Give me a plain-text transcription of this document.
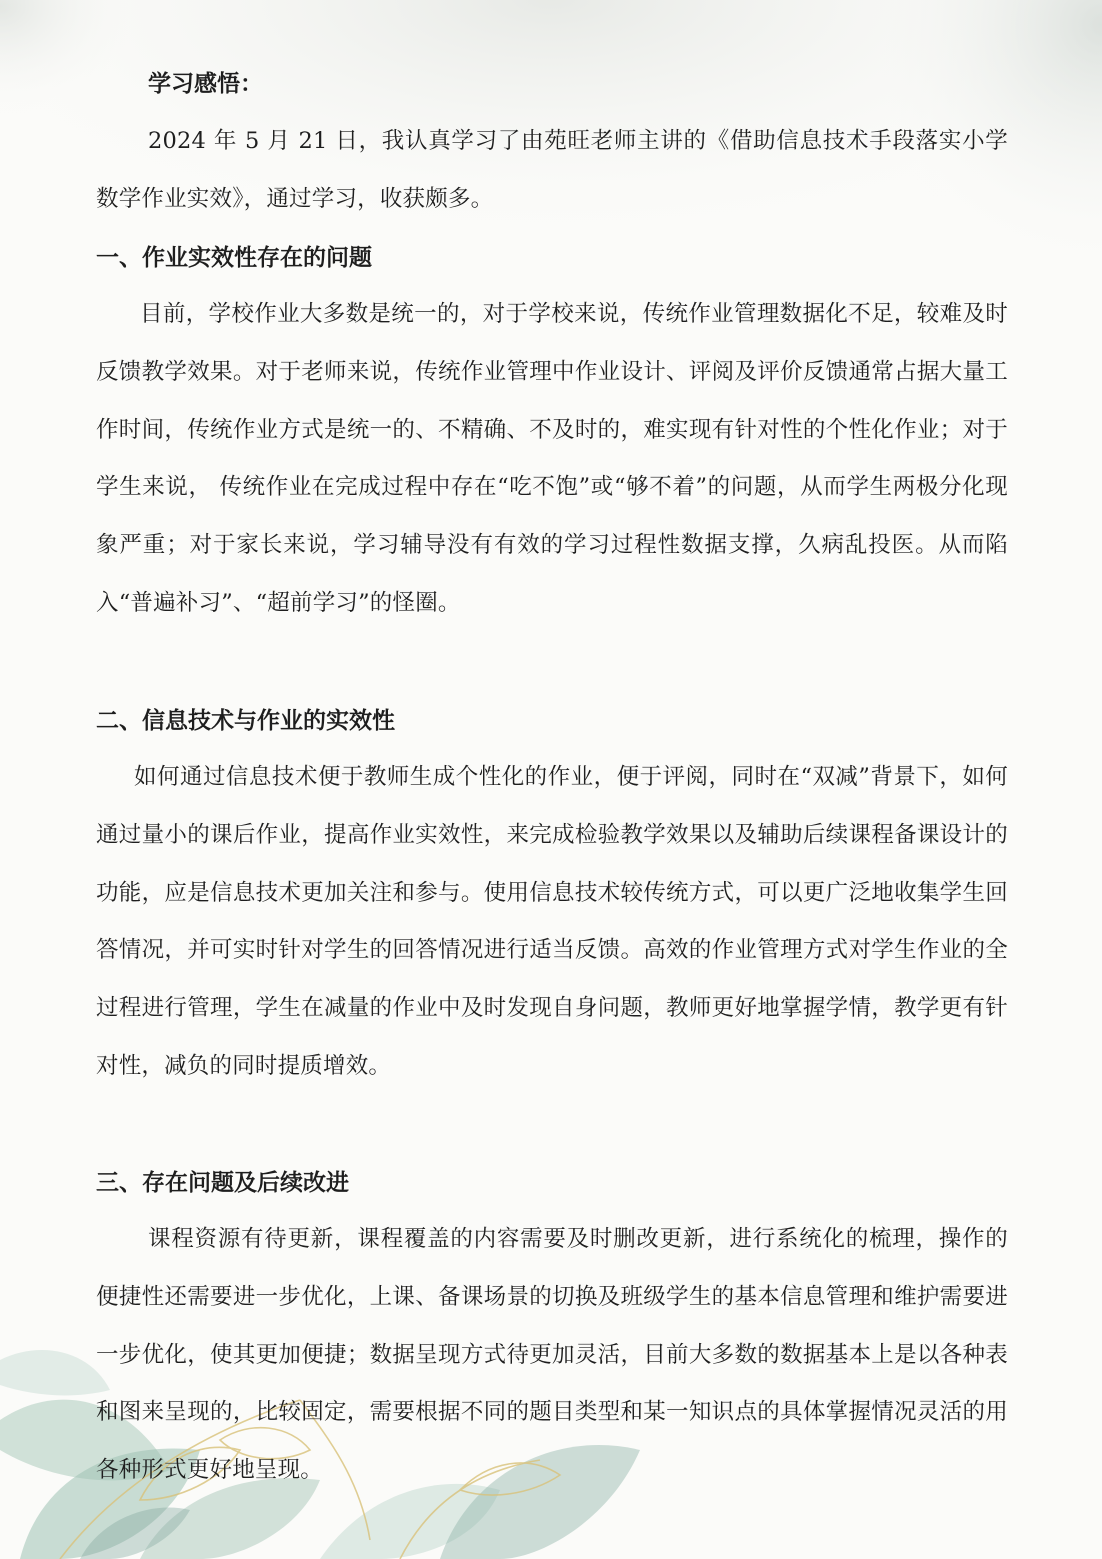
学习感悟：

2024 年 5 月 21 日，我认真学习了由苑旺老师主讲的《借助信息技术手段落实小学数学作业实效》，通过学习，收获颇多。

一、作业实效性存在的问题

目前，学校作业大多数是统一的，对于学校来说，传统作业管理数据化不足，较难及时反馈教学效果。对于老师来说，传统作业管理中作业设计、评阅及评价反馈通常占据大量工作时间，传统作业方式是统一的、不精确、不及时的，难实现有针对性的个性化作业；对于学生来说， 传统作业在完成过程中存在“吃不饱”或“够不着”的问题，从而学生两极分化现象严重；对于家长来说，学习辅导没有有效的学习过程性数据支撑，久病乱投医。从而陷入“普遍补习”、“超前学习”的怪圈。

二、信息技术与作业的实效性

如何通过信息技术便于教师生成个性化的作业，便于评阅，同时在“双减”背景下，如何通过量小的课后作业，提高作业实效性，来完成检验教学效果以及辅助后续课程备课设计的功能，应是信息技术更加关注和参与。使用信息技术较传统方式，可以更广泛地收集学生回答情况，并可实时针对学生的回答情况进行适当反馈。高效的作业管理方式对学生作业的全过程进行管理，学生在减量的作业中及时发现自身问题，教师更好地掌握学情，教学更有针对性，减负的同时提质增效。

三、存在问题及后续改进

课程资源有待更新，课程覆盖的内容需要及时删改更新，进行系统化的梳理，操作的便捷性还需要进一步优化，上课、备课场景的切换及班级学生的基本信息管理和维护需要进一步优化，使其更加便捷；数据呈现方式待更加灵活，目前大多数的数据基本上是以各种表和图来呈现的，比较固定，需要根据不同的题目类型和某一知识点的具体掌握情况灵活的用各种形式更好地呈现。
